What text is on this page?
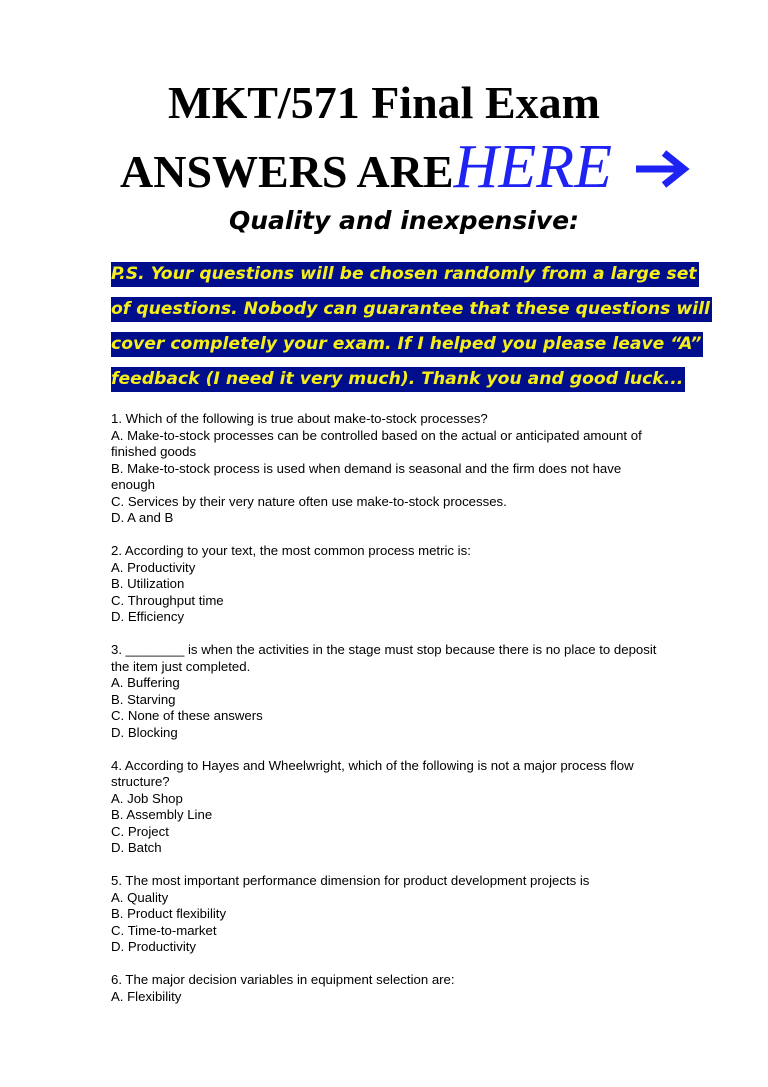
MKT/571 Final Exam
ANSWERS AREHERE
Quality and inexpensive:
P.S. Your questions will be chosen randomly from a large set
of questions. Nobody can guarantee that these questions will
cover completely your exam. If I helped you please leave “A”
feedback (I need it very much). Thank you and good luck...
1. Which of the following is true about make-to-stock processes?
A. Make-to-stock processes can be controlled based on the actual or anticipated amount of
finished goods
B. Make-to-stock process is used when demand is seasonal and the firm does not have
enough
C. Services by their very nature often use make-to-stock processes.
D. A and B
2. According to your text, the most common process metric is:
A. Productivity
B. Utilization
C. Throughput time
D. Efficiency
3. ________ is when the activities in the stage must stop because there is no place to deposit
the item just completed.
A. Buffering
B. Starving
C. None of these answers
D. Blocking
4. According to Hayes and Wheelwright, which of the following is not a major process flow
structure?
A. Job Shop
B. Assembly Line
C. Project
D. Batch
5. The most important performance dimension for product development projects is
A. Quality
B. Product flexibility
C. Time-to-market
D. Productivity
6. The major decision variables in equipment selection are:
A. Flexibility
